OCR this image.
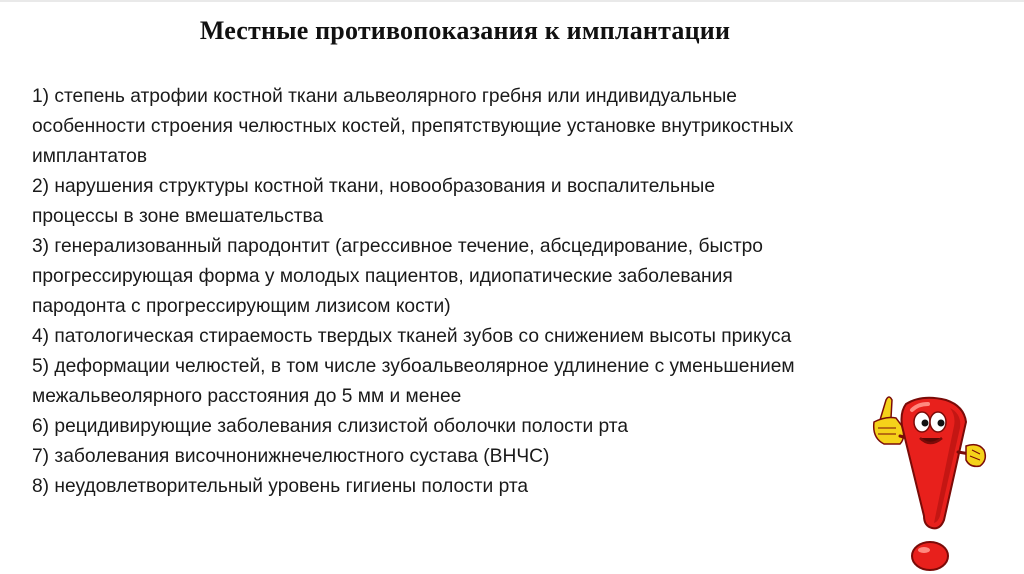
Местные противопоказания к имплантации
1) степень атрофии костной ткани альвеолярного гребня или индивидуальные
особенности строения челюстных костей, препятствующие установке внутрикостных
имплантатов
2) нарушения структуры костной ткани, новообразования и воспалительные
процессы в зоне вмешательства
3) генерализованный пародонтит (агрессивное течение, абсцедирование, быстро
прогрессирующая форма у молодых пациентов, идиопатические заболевания
пародонта с прогрессирующим лизисом кости)
4) патологическая стираемость твердых тканей зубов со снижением высоты прикуса
5) деформации челюстей, в том числе зубоальвеолярное удлинение с уменьшением
межальвеолярного расстояния до 5 мм и менее
6) рецидивирующие заболевания слизистой оболочки полости рта
7) заболевания височнонижнечелюстного сустава (ВНЧС)
8) неудовлетворительный уровень гигиены полости рта
